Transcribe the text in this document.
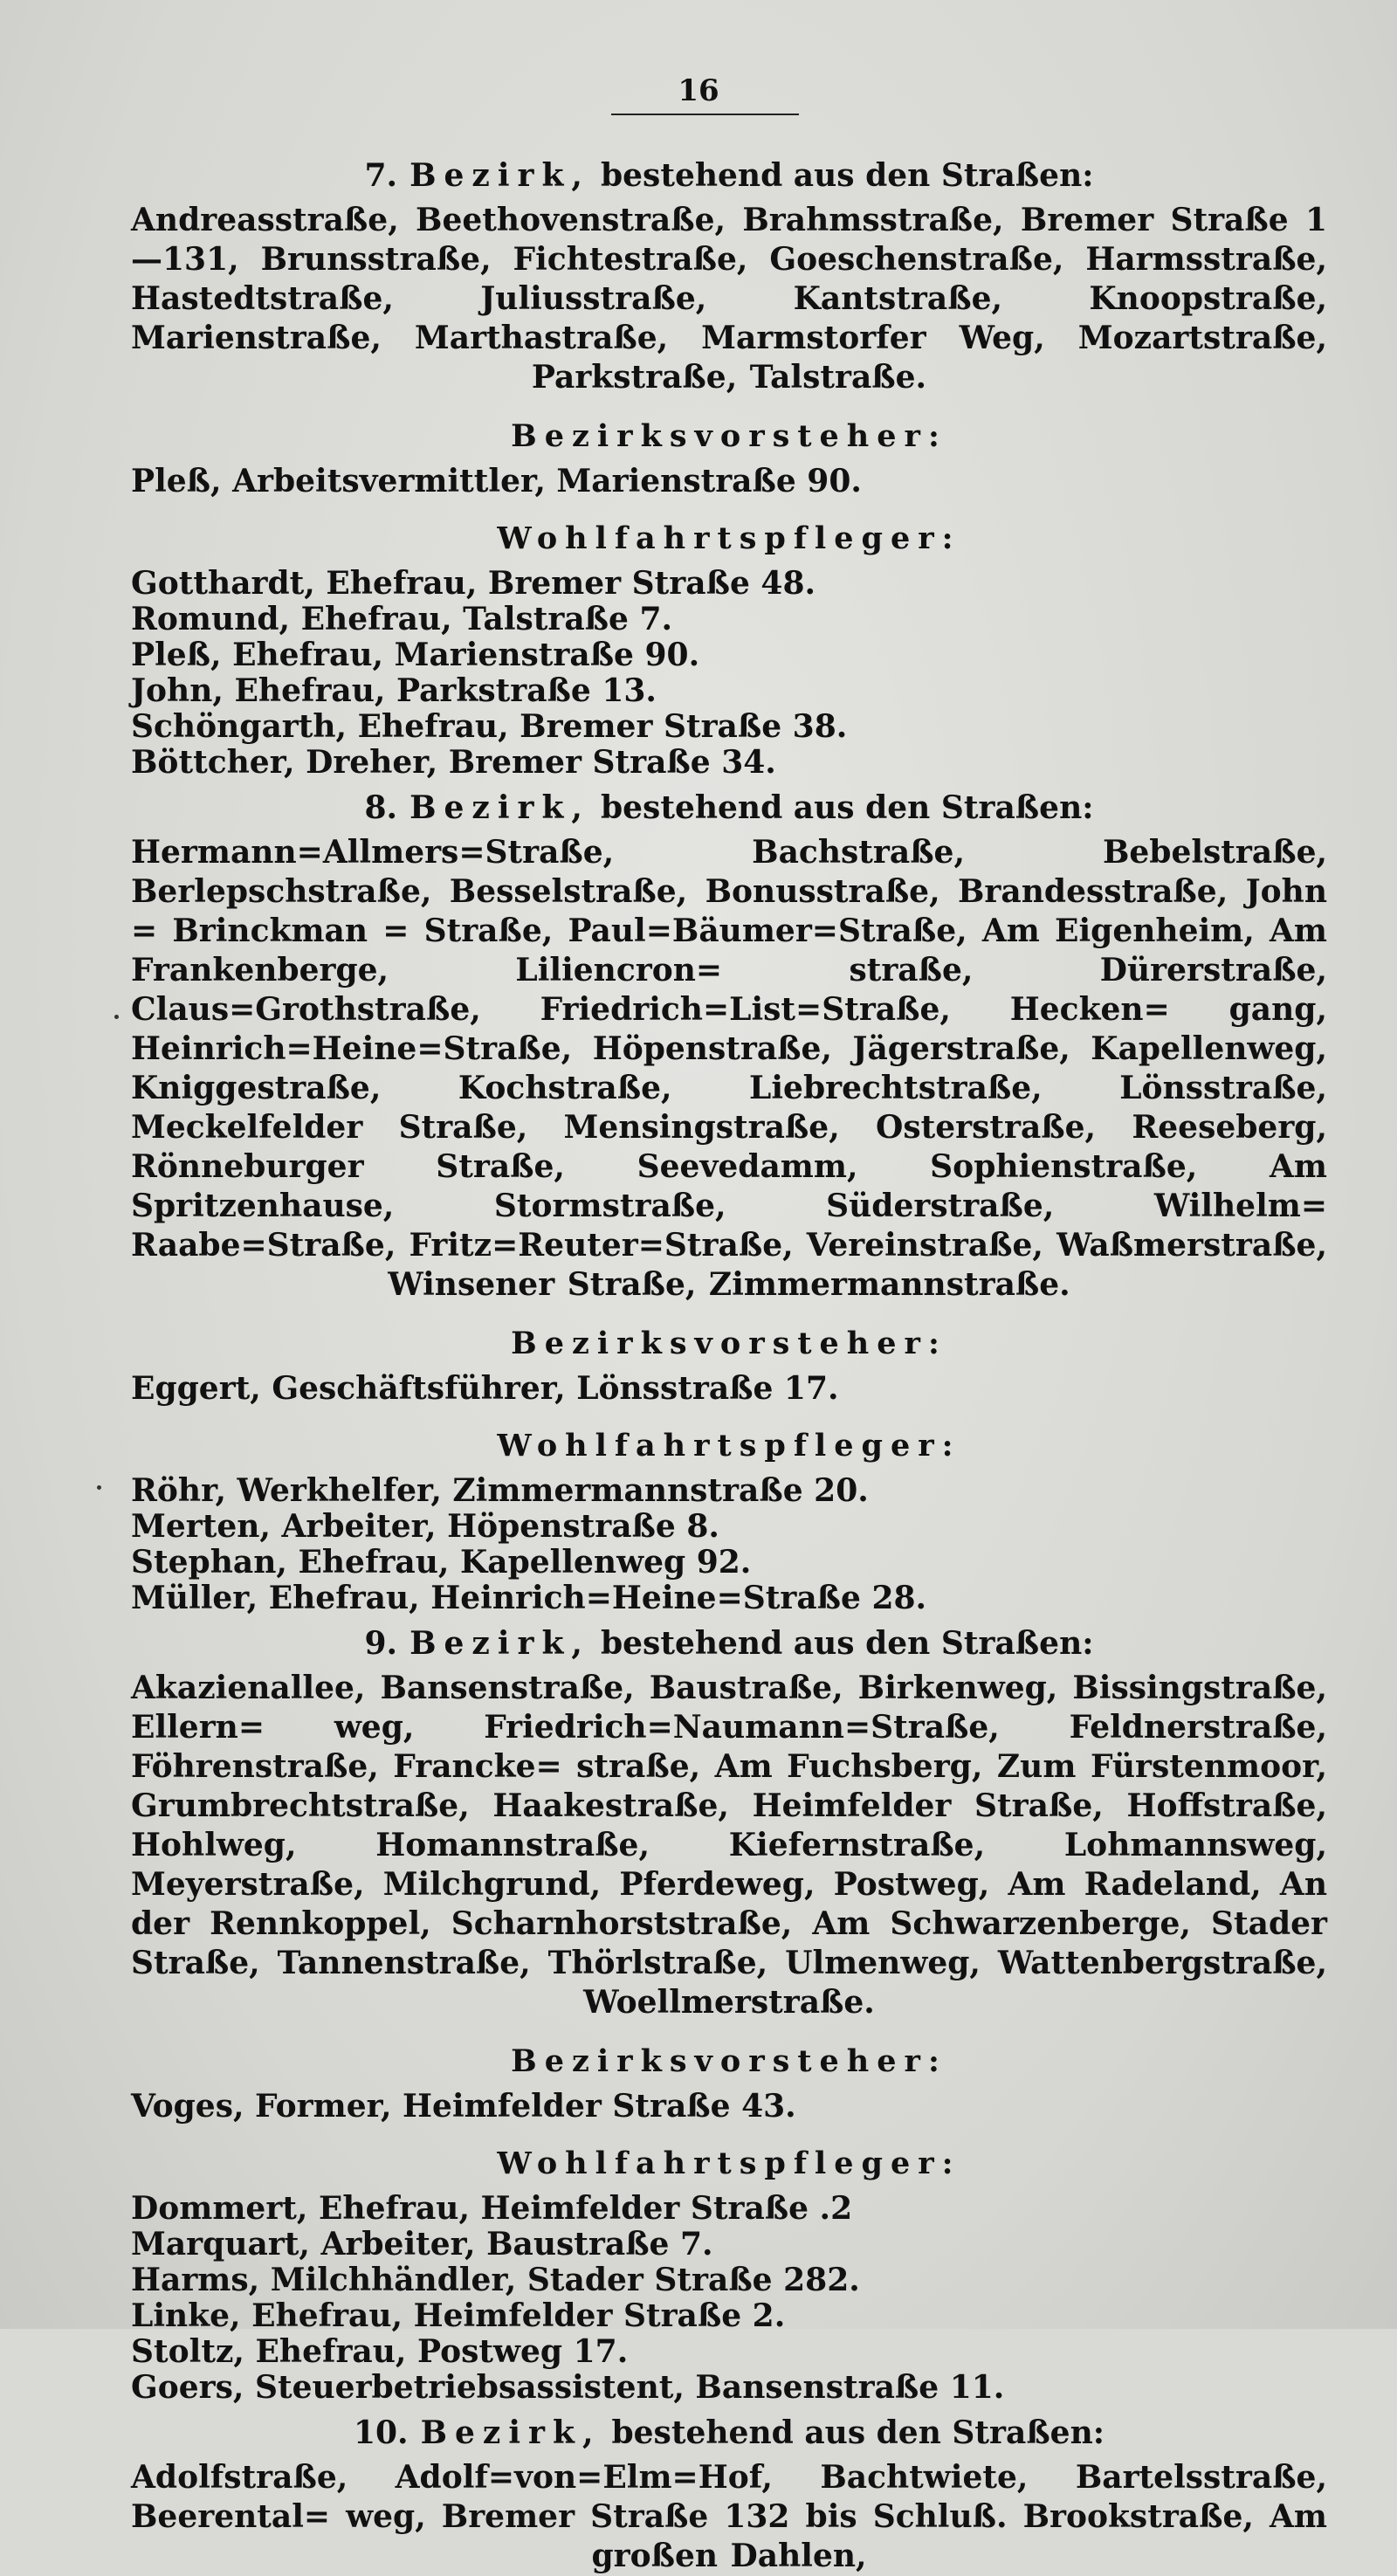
16
7. Bezirk, bestehend aus den Straßen:
Andreasstraße, Beethovenstraße, Brahmsstraße, Bremer Straße 1—131, Brunsstraße, Fichtestraße, Goeschenstraße, Harmsstraße, Hastedtstraße, Juliusstraße, Kantstraße, Knoopstraße, Marienstraße, Marthastraße, Marmstorfer Weg, Mozartstraße, Parkstraße, Talstraße.
Bezirksvorsteher:
Pleß, Arbeitsvermittler, Marienstraße 90.
Wohlfahrtspfleger:
Gotthardt, Ehefrau, Bremer Straße 48.
Romund, Ehefrau, Talstraße 7.
Pleß, Ehefrau, Marienstraße 90.
John, Ehefrau, Parkstraße 13.
Schöngarth, Ehefrau, Bremer Straße 38.
Böttcher, Dreher, Bremer Straße 34.
8. Bezirk, bestehend aus den Straßen:
Hermann=Allmers=Straße, Bachstraße, Bebelstraße, Berlepschstraße, Besselstraße, Bonusstraße, Brandesstraße, John = Brinckman = Straße, Paul=Bäumer=Straße, Am Eigenheim, Am Frankenberge, Liliencron= straße, Dürerstraße, Claus=Grothstraße, Friedrich=List=Straße, Hecken= gang, Heinrich=Heine=Straße, Höpenstraße, Jägerstraße, Kapellenweg, Kniggestraße, Kochstraße, Liebrechtstraße, Lönsstraße, Meckelfelder Straße, Mensingstraße, Osterstraße, Reeseberg, Rönneburger Straße, Seevedamm, Sophienstraße, Am Spritzenhause, Stormstraße, Süderstraße, Wilhelm= Raabe=Straße, Fritz=Reuter=Straße, Vereinstraße, Waßmerstraße, Winsener Straße, Zimmermannstraße.
Bezirksvorsteher:
Eggert, Geschäftsführer, Lönsstraße 17.
Wohlfahrtspfleger:
Röhr, Werkhelfer, Zimmermannstraße 20.
Merten, Arbeiter, Höpenstraße 8.
Stephan, Ehefrau, Kapellenweg 92.
Müller, Ehefrau, Heinrich=Heine=Straße 28.
9. Bezirk, bestehend aus den Straßen:
Akazienallee, Bansenstraße, Baustraße, Birkenweg, Bissingstraße, Ellern= weg, Friedrich=Naumann=Straße, Feldnerstraße, Föhrenstraße, Francke= straße, Am Fuchsberg, Zum Fürstenmoor, Grumbrechtstraße, Haakestraße, Heimfelder Straße, Hoffstraße, Hohlweg, Homannstraße, Kiefernstraße, Lohmannsweg, Meyerstraße, Milchgrund, Pferdeweg, Postweg, Am Radeland, An der Rennkoppel, Scharnhorststraße, Am Schwarzenberge, Stader Straße, Tannenstraße, Thörlstraße, Ulmenweg, Wattenbergstraße, Woellmerstraße.
Bezirksvorsteher:
Voges, Former, Heimfelder Straße 43.
Wohlfahrtspfleger:
Dommert, Ehefrau, Heimfelder Straße .2
Marquart, Arbeiter, Baustraße 7.
Harms, Milchhändler, Stader Straße 282.
Linke, Ehefrau, Heimfelder Straße 2.
Stoltz, Ehefrau, Postweg 17.
Goers, Steuerbetriebsassistent, Bansenstraße 11.
10. Bezirk, bestehend aus den Straßen:
Adolfstraße, Adolf=von=Elm=Hof, Bachtwiete, Bartelsstraße, Beerental= weg, Bremer Straße 132 bis Schluß. Brookstraße, Am großen Dahlen,
